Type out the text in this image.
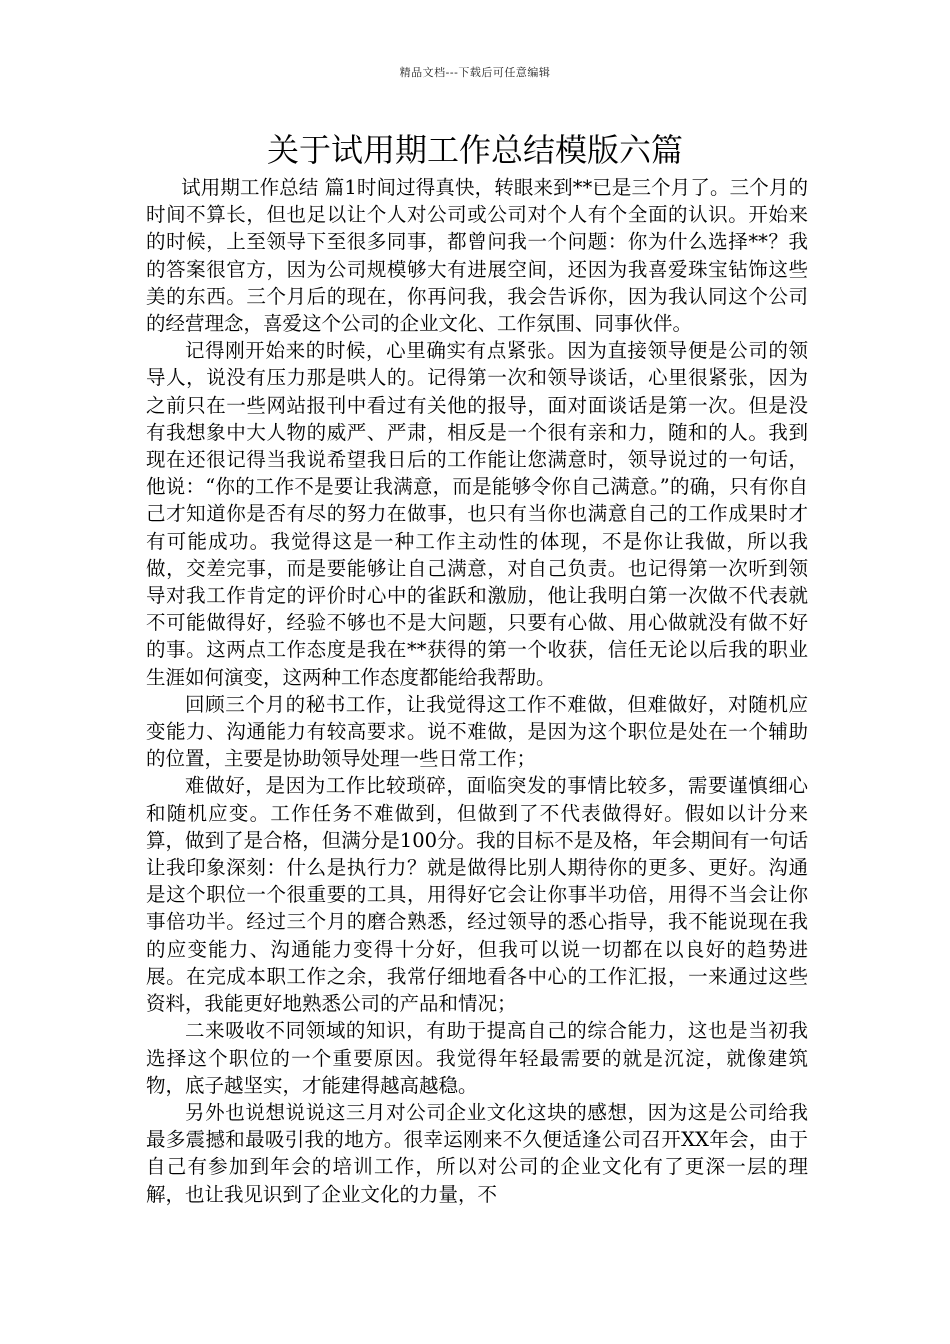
精品文档---下载后可任意编辑
关于试用期工作总结模版六篇

试用期工作总结 篇1时间过得真快，转眼来到**已是三个月了。三个月的时间不算长，但也足以让个人对公司或公司对个人有个全面的认识。开始来的时候，上至领导下至很多同事，都曾问我一个问题：你为什么选择**？我的答案很官方，因为公司规模够大有进展空间，还因为我喜爱珠宝钻饰这些美的东西。三个月后的现在，你再问我，我会告诉你，因为我认同这个公司的经营理念，喜爱这个公司的企业文化、工作氛围、同事伙伴。

记得刚开始来的时候，心里确实有点紧张。因为直接领导便是公司的领导人，说没有压力那是哄人的。记得第一次和领导谈话，心里很紧张，因为之前只在一些网站报刊中看过有关他的报导，面对面谈话是第一次。但是没有我想象中大人物的威严、严肃，相反是一个很有亲和力，随和的人。我到现在还很记得当我说希望我日后的工作能让您满意时，领导说过的一句话，他说：“你的工作不是要让我满意，而是能够令你自己满意。”的确，只有你自己才知道你是否有尽的努力在做事，也只有当你也满意自己的工作成果时才有可能成功。我觉得这是一种工作主动性的体现，不是你让我做，所以我做，交差完事，而是要能够让自己满意，对自己负责。也记得第一次听到领导对我工作肯定的评价时心中的雀跃和激励，他让我明白第一次做不代表就不可能做得好，经验不够也不是大问题，只要有心做、用心做就没有做不好的事。这两点工作态度是我在**获得的第一个收获，信任无论以后我的职业生涯如何演变，这两种工作态度都能给我帮助。

回顾三个月的秘书工作，让我觉得这工作不难做，但难做好，对随机应变能力、沟通能力有较高要求。说不难做，是因为这个职位是处在一个辅助的位置，主要是协助领导处理一些日常工作；

难做好，是因为工作比较琐碎，面临突发的事情比较多，需要谨慎细心和随机应变。工作任务不难做到，但做到了不代表做得好。假如以计分来算，做到了是合格，但满分是100分。我的目标不是及格，年会期间有一句话让我印象深刻：什么是执行力？就是做得比别人期待你的更多、更好。沟通是这个职位一个很重要的工具，用得好它会让你事半功倍，用得不当会让你事倍功半。经过三个月的磨合熟悉，经过领导的悉心指导，我不能说现在我的应变能力、沟通能力变得十分好，但我可以说一切都在以良好的趋势进展。在完成本职工作之余，我常仔细地看各中心的工作汇报，一来通过这些资料，我能更好地熟悉公司的产品和情况；

二来吸收不同领域的知识，有助于提高自己的综合能力，这也是当初我选择这个职位的一个重要原因。我觉得年轻最需要的就是沉淀，就像建筑物，底子越坚实，才能建得越高越稳。

另外也说想说说这三月对公司企业文化这块的感想，因为这是公司给我最多震撼和最吸引我的地方。很幸运刚来不久便适逢公司召开XX年会，由于自己有参加到年会的培训工作，所以对公司的企业文化有了更深一层的理解，也让我见识到了企业文化的力量，不
